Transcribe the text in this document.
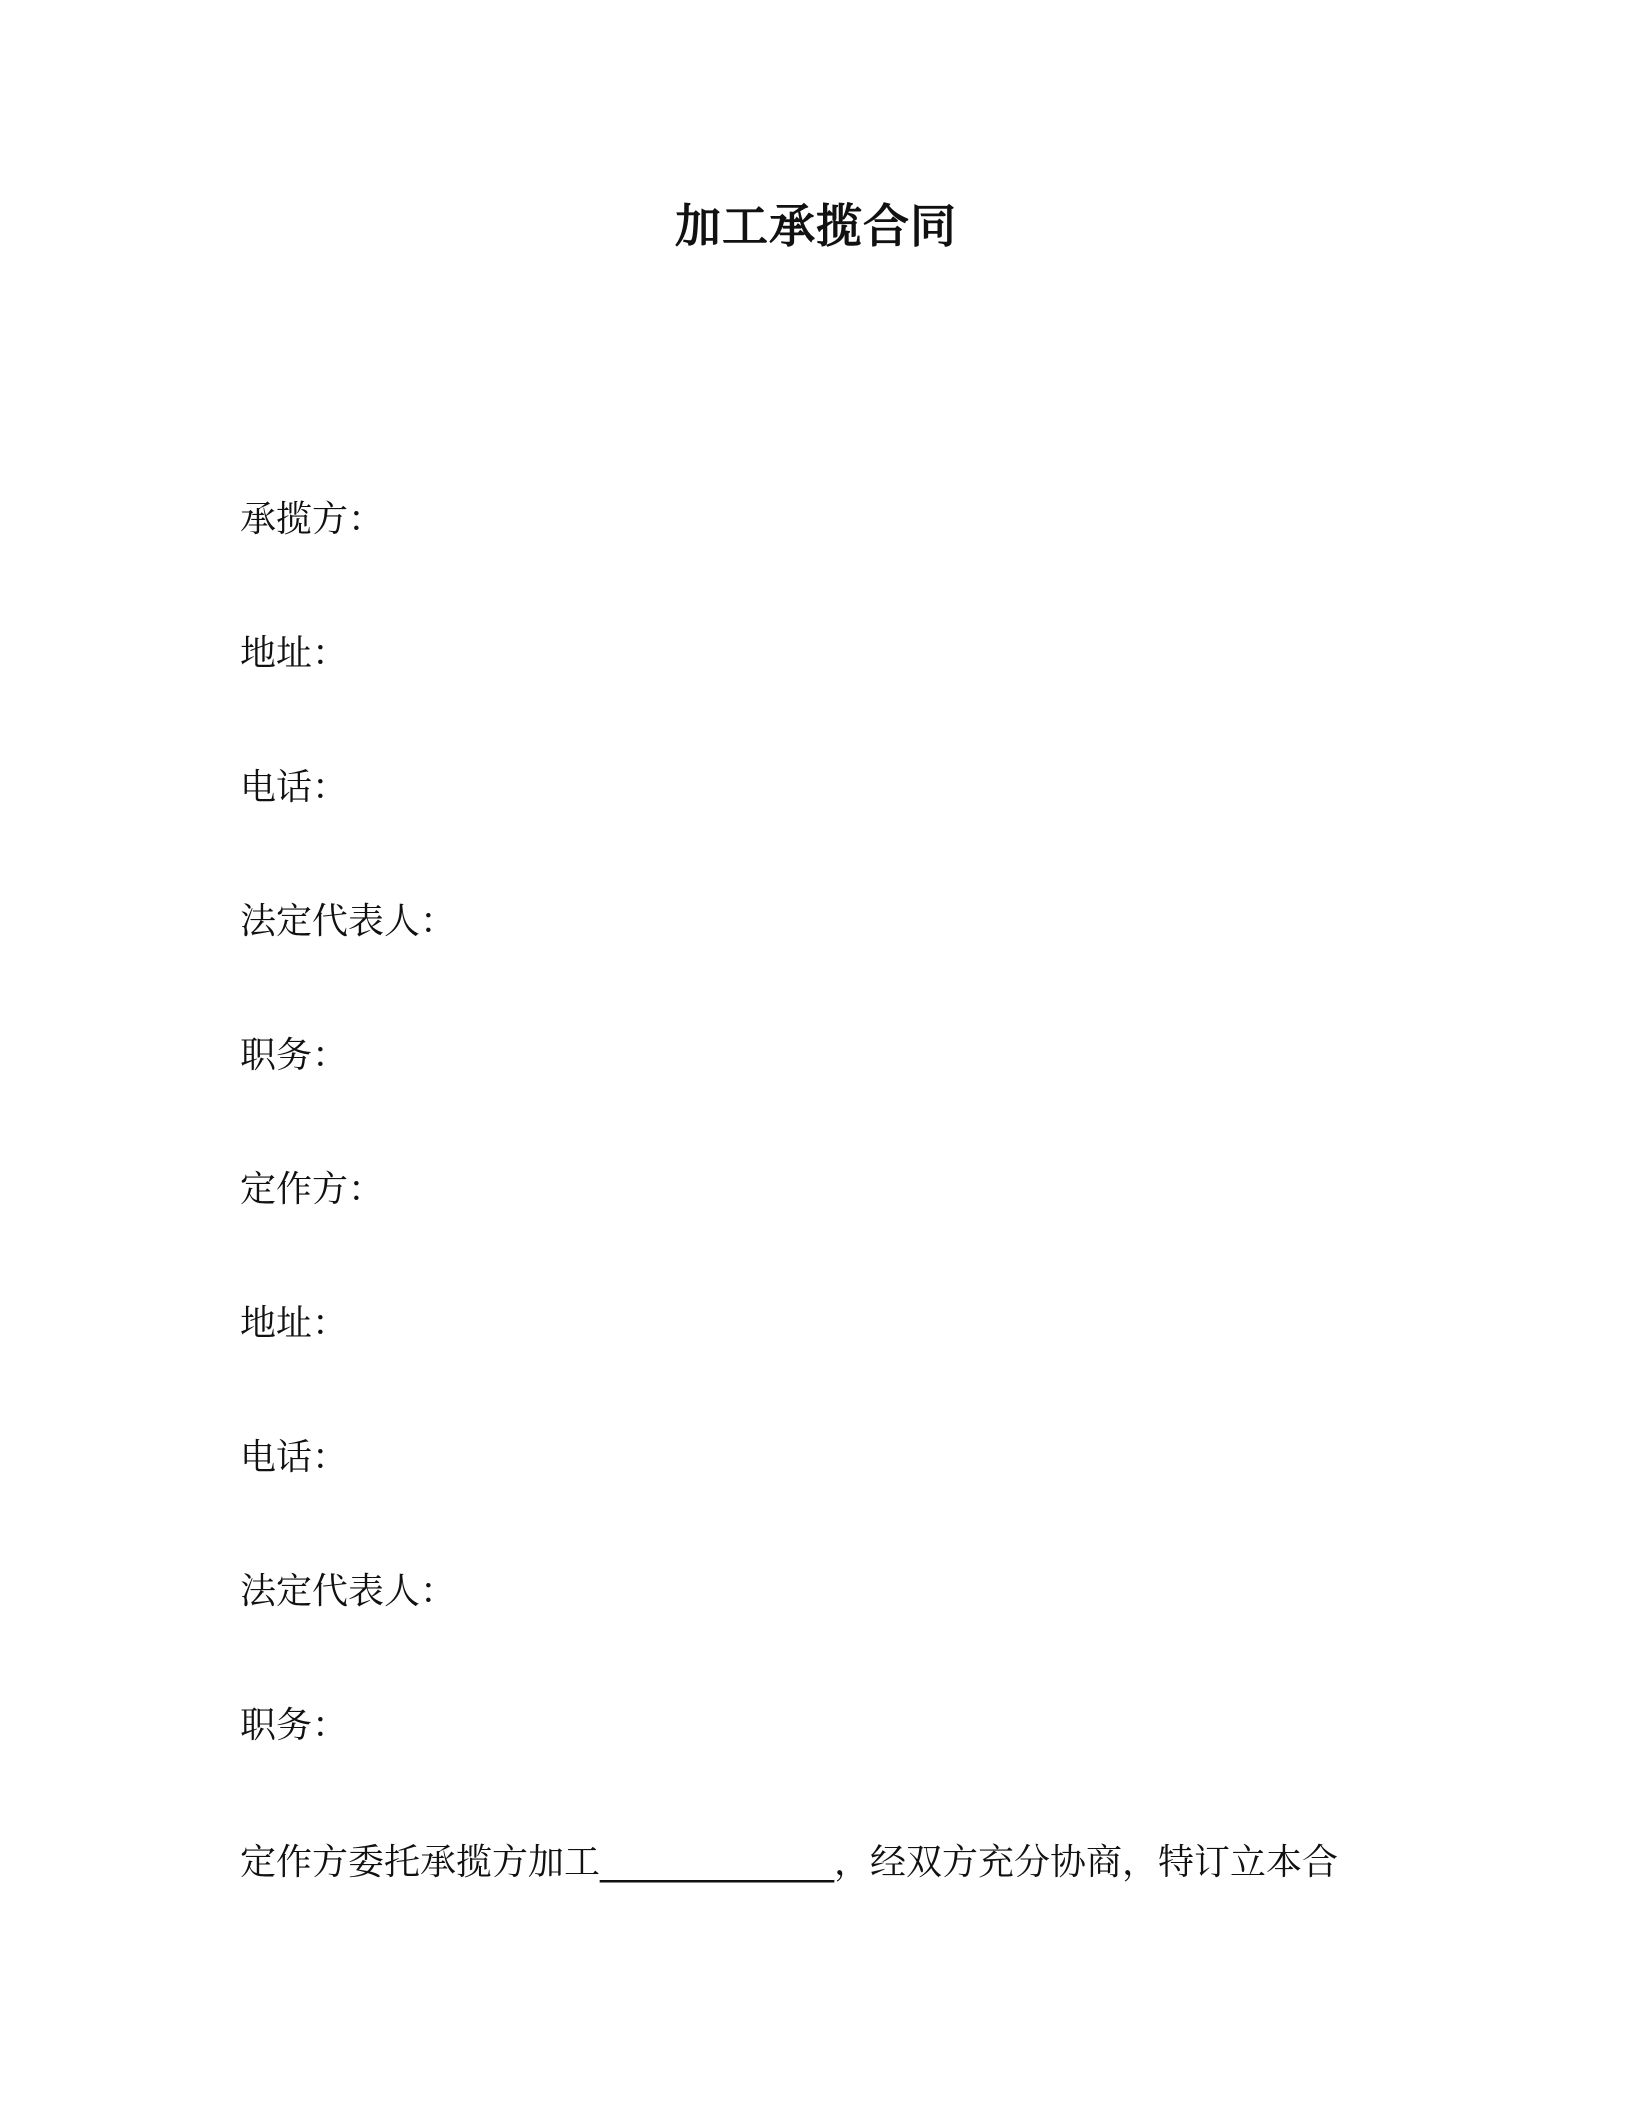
加工承揽合同
承揽方：
地址：
电话：
法定代表人：
职务：
定作方：
地址：
电话：
法定代表人：
职务：

定作方委托承揽方加工_____________，经双方充分协商，特订立本合
